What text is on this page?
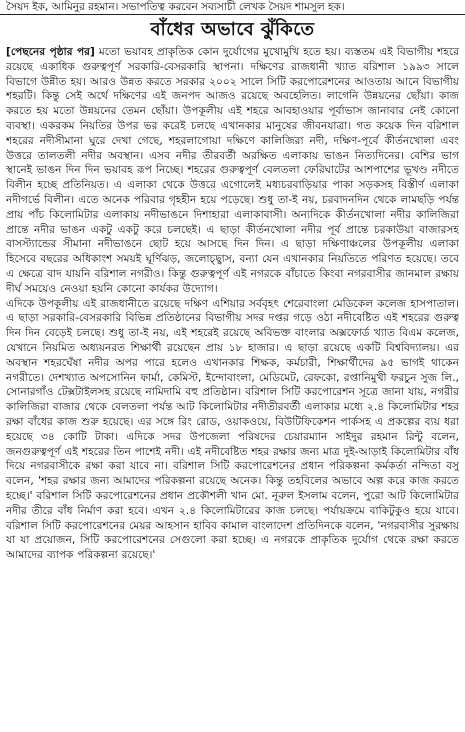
সৈয়দ ইক, আমিনুর রহমান। সভাপতিত্ব করবেন সব্যসাচী লেখক সৈয়দ শামসুল হক।
বাঁধের অভাবে ঝুঁকিতে

[পেছনের পৃষ্ঠার পর] মতো ভয়াবহ প্রাকৃতিক কোন দুর্যোগের মুখোমুখি হতে হয়। ব্যস্ততম এই বিভাগীয় শহরে রয়েছে একাধিক গুরুত্বপূর্ণ সরকারি-বেসরকারি স্থাপনা। দক্ষিণের রাজধানী খ্যাত বরিশাল ১৯৯৩ সালে বিভাগে উন্নীত হয়। আরও উন্নত করতে সরকার ২০০২ সালে সিটি করপোরেশনের আওতায় আনে বিভাগীয় শহরটি। কিন্তু সেই অর্থে দক্ষিণের এই জনপদ আজও রয়েছে অবহেলিত। লাগেনি উন্নয়নের ছোঁয়া। কাজ করতে হয় মতো উন্নয়নের তেমন ছোঁয়া। উপকূলীয় এই শহরে আবহাওয়ার পূর্বাভাস জানাবার নেই কোনো ব্যবস্থা। একরকম নিয়তির উপর ভর করেই চলছে এখানকার মানুষের জীবনযাত্রা। গত কয়েক দিন বরিশাল শহরের নদীসীমানা ঘুরে দেখা গেছে, শহরলাগোয়া দক্ষিণে কালিজিরা নদী, দক্ষিণ-পূর্বে কীর্তনখোলা এবং উত্তরে তালতলী নদীর অবস্থান। এসব নদীর তীরবর্তী অরক্ষিত এলাকায় ভাঙন নিত্যদিনের। বেশির ভাগ স্থানেই ভাঙন দিন দিন ভয়াবহ রূপ নিচ্ছে। শহরের গুরুত্বপূর্ণ বেলতলা ফেরিঘাটের আশপাশের ভূখণ্ড নদীতে বিলীন হচ্ছে প্রতিনিয়ত। এ এলাকা থেকে উত্তরে এগোলেই মধ্যচরবাড়িয়ার পাকা সড়কসহ বিস্তীর্ণ এলাকা নদীগর্ভে বিলীন। এতে অনেক পরিবার গৃহহীন হয়ে পড়েছে। শুধু তা-ই নয়, চরবাদনদিন থেকে লামছড়ি পর্যন্ত প্রায় পাঁচ কিলোমিটার এলাকায় নদীভাঙনে দিশাহারা এলাকাবাসী। অন্যদিকে কীর্তনখোলা নদীর কালিজিরা প্রান্তে নদীর ভাঙন একটু একটু করে চলছেই। এ ছাড়া কীর্তনখোলা নদীর পূর্ব প্রান্তে চরকাউয়া বাজারসহ বাসস্ট্যান্ডের সীমানা নদীভাঙনে ছোট হয়ে আসছে দিন দিন। এ ছাড়া দক্ষিণাঞ্চলের উপকূলীয় এলাকা হিসেবে বছরের অধিকাংশ সময়ই ঘূর্ণিঝড়, জলোচ্ছ্বাস, বন্যা যেন এখানকার নিয়তিতে পরিণত হয়েছে। তবে এ ক্ষেত্রে বাদ যায়নি বরিশাল নগরীও। কিন্তু গুরুত্বপূর্ণ এই নগরকে বাঁচাতে কিংবা নগরবাসীর জানমাল রক্ষায় দীর্ঘ সময়েও নেওয়া হয়নি কোনো কার্যকর উদ্যোগ।

এদিকে উপকূলীয় এই রাজধানীতে রয়েছে দক্ষিণ এশিয়ার সর্ববৃহৎ শেরেবাংলা মেডিকেল কলেজ হাসপাতাল। এ ছাড়া সরকারি-বেসরকারি বিভিন্ন প্রতিষ্ঠানের বিভাগীয় সদর দপ্তর গড়ে ওঠা নদীবেষ্টিত এই শহরের গুরুত্ব দিন দিন বেড়েই চলছে। শুধু তা-ই নয়, এই শহরেই রয়েছে অবিভক্ত বাংলার অক্সফোর্ড খ্যাত বিএম কলেজ, যেখানে নিয়মিত অধ্যয়নরত শিক্ষার্থী রয়েছেন প্রায় ১৮ হাজার। এ ছাড়া রয়েছে একটি বিশ্ববিদ্যালয়। এর অবস্থান শহরঘেঁষা নদীর অপর পারে হলেও এখানকার শিক্ষক, কর্মচারী, শিক্ষার্থীদের ৯৫ ভাগই থাকেন নগরীতে। দেশখ্যাত অপসোনিন ফার্মা, কেমিস্ট, ইন্দোবাংলা, মেডিমেট, রেফকো, রপ্তানিমুখী ফরচুন সুজ লি., সোনারগাঁও টেক্সটাইলসহ রয়েছে নামিদামি বহু প্রতিষ্ঠান। বরিশাল সিটি করপোরেশন সূত্রে জানা যায়, নগরীর কালিজিরা বাজার থেকে বেলতলা পর্যন্ত আট কিলোমিটার নদীতীরবর্তী এলাকার মধ্যে ২.৪ কিলোমিটার শহর রক্ষা বাঁধের কাজ শুরু হয়েছে। এর সঙ্গে রিং রোড, ওয়াকওয়ে, বিউটিফিকেশন পার্কসহ এ প্রকল্পের ব্যয় ধরা হয়েছে ৩৪ কোটি টাকা। এদিকে সদর উপজেলা পরিষদের চেয়ারম্যান সাইদুর রহমান রিন্টু বলেন, জনগুরুত্বপূর্ণ এই শহরের তিন পাশেই নদী। এই নদীবেষ্টিত শহর রক্ষার জন্য মাত্র দুই-আড়াই কিলোমিটার বাঁধ দিয়ে নগরবাসীকে রক্ষা করা যাবে না। বরিশাল সিটি করপোরেশনের প্রধান পরিকল্পনা কর্মকর্তা নন্দিতা বসু বলেন, 'শহর রক্ষার জন্য আমাদের পরিকল্পনা রয়েছে অনেক। কিন্তু তহবিলের অভাবে অল্প করে কাজ করতে হচ্ছে।' বরিশাল সিটি করপোরেশনের প্রধান প্রকৌশলী খান মো. নূরুল ইসলাম বলেন, পুরো আট কিলোমিটার নদীর তীরে বাঁধ নির্মাণ করা হবে। এখন ২.৪ কিলোমিটারের কাজ চলছে। পর্যায়ক্রমে বাকিটুকুও হয়ে যাবে। বরিশাল সিটি করপোরেশনের মেয়র আহসান হাবিব কামাল বাংলাদেশ প্রতিদিনকে বলেন, 'নগরবাসীর সুরক্ষায় যা যা প্রয়োজন, সিটি করপোরেশনের সেগুলো করা হচ্ছে। এ নগরকে প্রাকৃতিক দুর্যোগ থেকে রক্ষা করতে আমাদের ব্যাপক পরিকল্পনা রয়েছে।'
